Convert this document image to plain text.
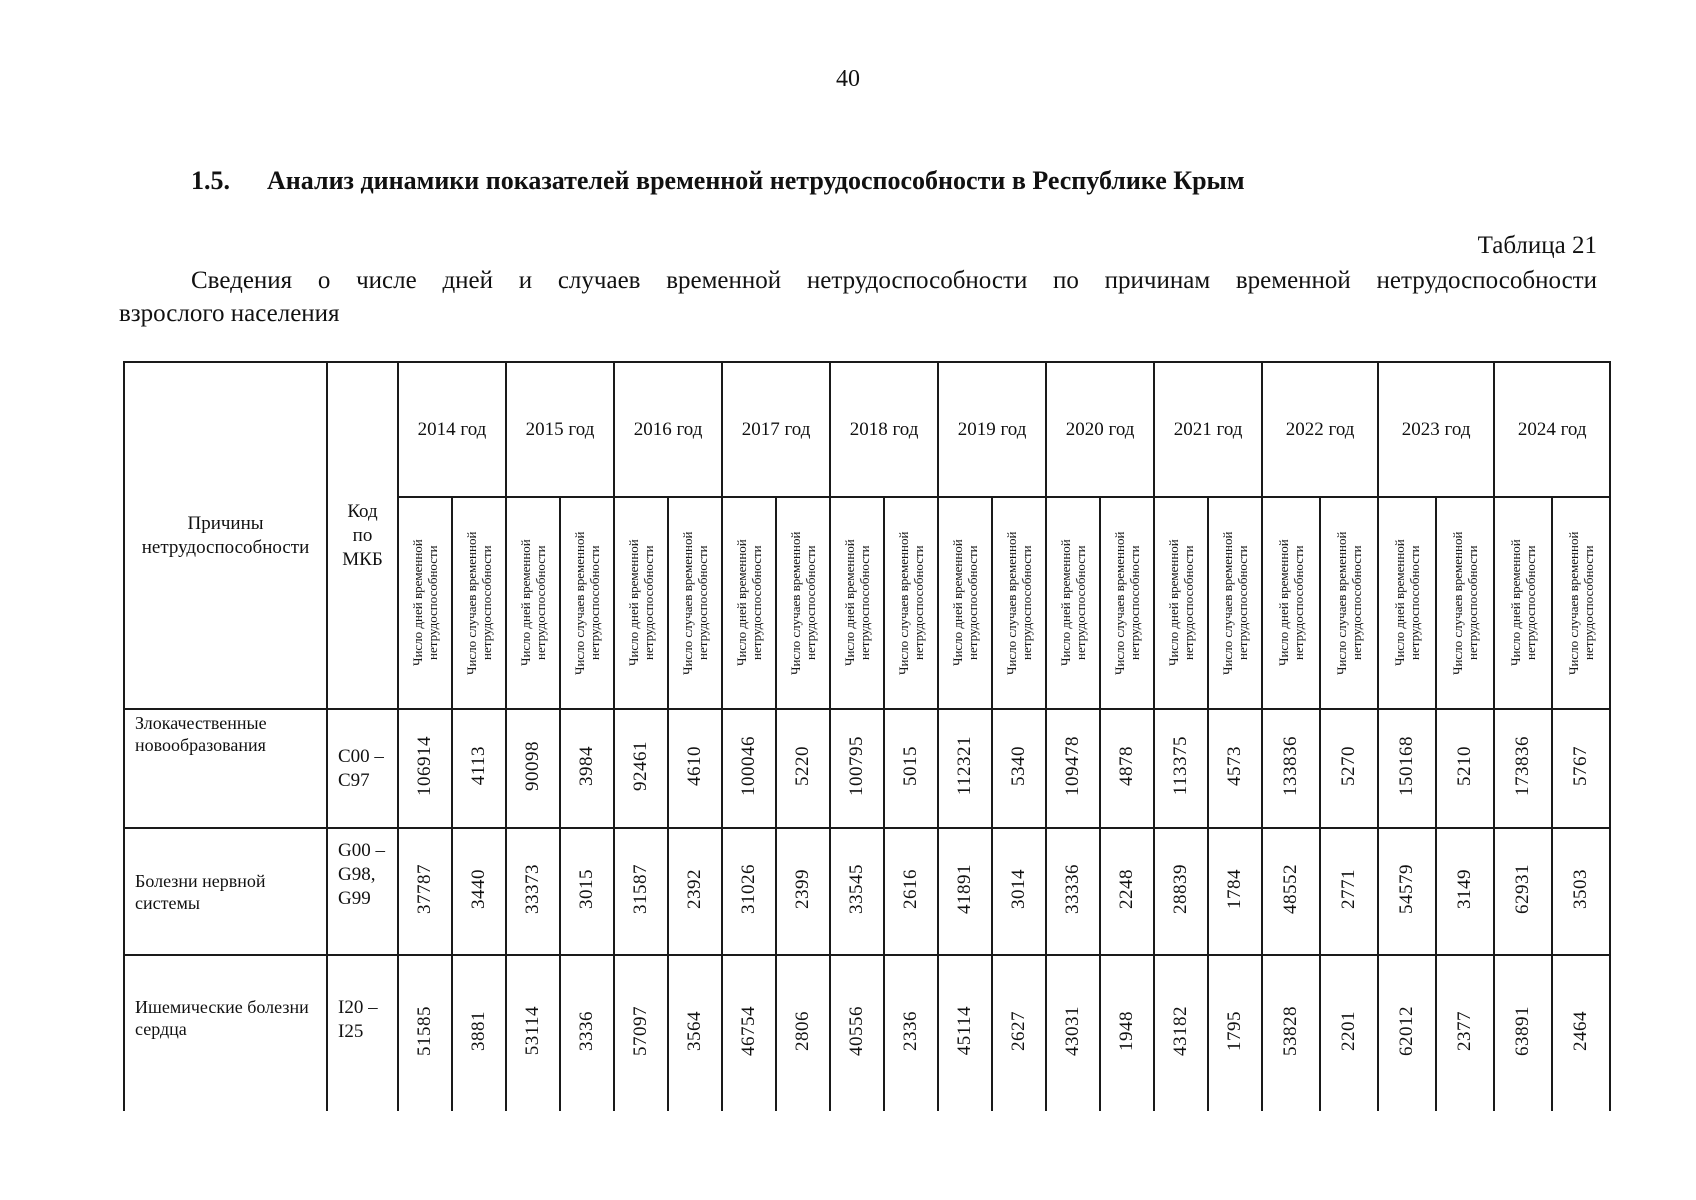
40
1.5. Анализ динамики показателей временной нетрудоспособности в Республике Крым
Таблица 21
Сведения о числе дней и случаев временной нетрудоспособности по причинам временной нетрудоспособности
взрослого населения
Причины нетрудоспособности	Код по МКБ	2014 год		2015 год		2016 год		2017 год		2018 год		2019 год		2020 год		2021 год		2022 год		2023 год		2024 год	

		Число дней временной нетрудоспособности	Число случаев временной нетрудоспособности	Число дней временной нетрудоспособности	Число случаев временной нетрудоспособности	Число дней временной нетрудоспособности	Число случаев временной нетрудоспособности	Число дней временной нетрудоспособности	Число случаев временной нетрудоспособности	Число дней временной нетрудоспособности	Число случаев временной нетрудоспособности	Число дней временной нетрудоспособности	Число случаев временной нетрудоспособности	Число дней временной нетрудоспособности	Число случаев временной нетрудоспособности	Число дней временной нетрудоспособности	Число случаев временной нетрудоспособности	Число дней временной нетрудоспособности	Число случаев временной нетрудоспособности	Число дней временной нетрудоспособности	Число случаев временной нетрудоспособности	Число дней временной нетрудоспособности	Число случаев временной нетрудоспособности

Злокачественные новообразования	С00 – С97	106914	4113	90098	3984	92461	4610	100046	5220	100795	5015	112321	5340	109478	4878	113375	4573	133836	5270	150168	5210	173836	5767
Болезни нервной системы	G00 – G98, G99	37787	3440	33373	3015	31587	2392	31026	2399	33545	2616	41891	3014	33336	2248	28839	1784	48552	2771	54579	3149	62931	3503
Ишемические болезни сердца	I20 – I25	51585	3881	53114	3336	57097	3564	46754	2806	40556	2336	45114	2627	43031	1948	43182	1795	53828	2201	62012	2377	63891	2464
